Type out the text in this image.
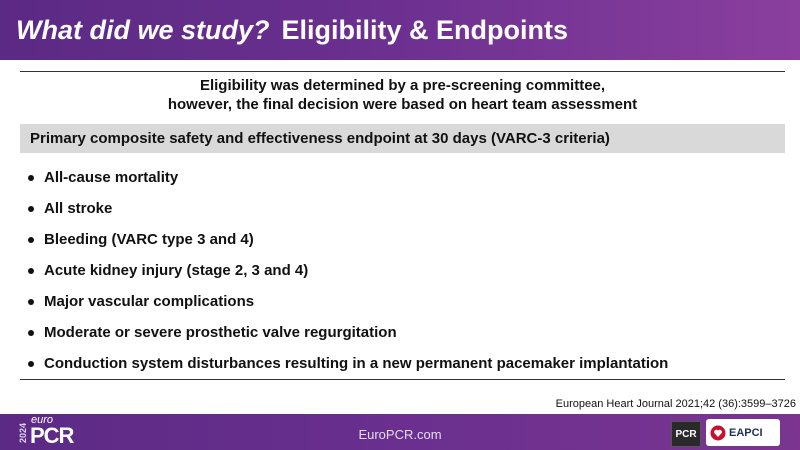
What did we study? Eligibility & Endpoints
Eligibility was determined by a pre-screening committee,
however, the final decision were based on heart team assessment
Primary composite safety and effectiveness endpoint at 30 days (VARC-3 criteria)
All-cause mortality
All stroke
Bleeding (VARC type 3 and 4)
Acute kidney injury (stage 2, 3 and 4)
Major vascular complications
Moderate or severe prosthetic valve regurgitation
Conduction system disturbances resulting in a new permanent pacemaker implantation
European Heart Journal 2021;42 (36):3599–3726
2024
euro
PCR	EuroPCR.com	PCR	EAPCI
